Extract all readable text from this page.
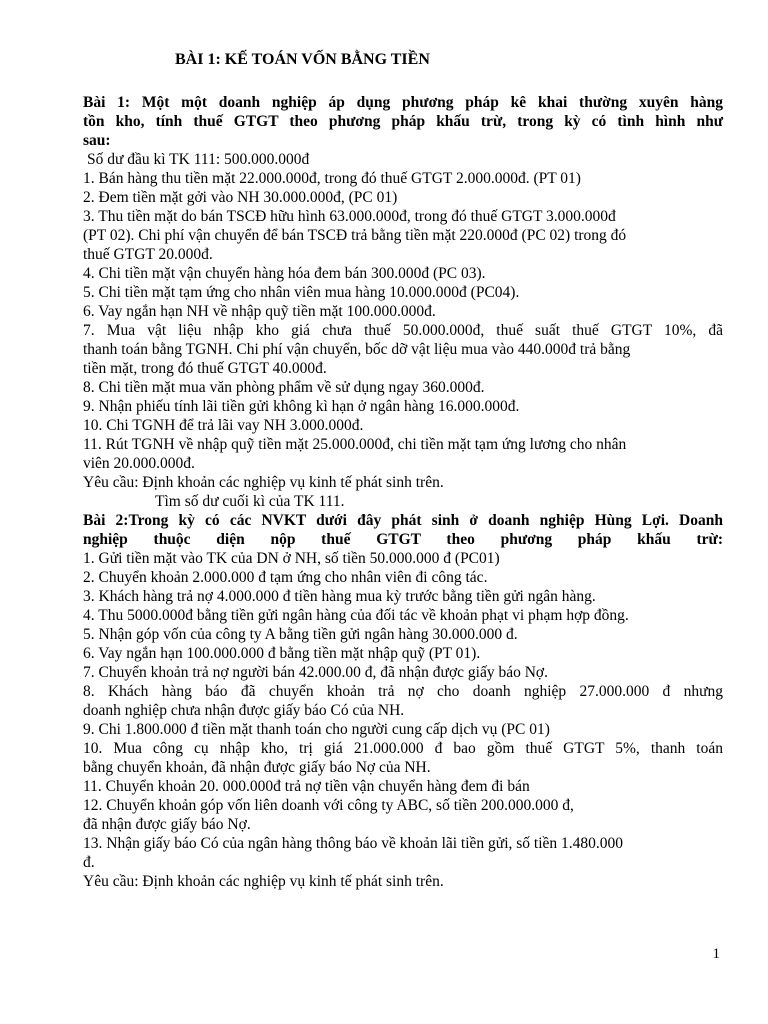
BÀI 1: KẾ TOÁN VỐN BẰNG TIỀN
Bài 1: Một một doanh nghiệp áp dụng phương pháp kê khai thường xuyên hàng
tồn kho, tính thuế GTGT theo phương pháp khấu trừ, trong kỳ có tình hình như
sau:
Số dư đầu kì TK 111: 500.000.000đ
1. Bán hàng thu tiền mặt 22.000.000đ, trong đó thuế GTGT 2.000.000đ. (PT 01)
2. Đem tiền mặt gởi vào NH 30.000.000đ, (PC 01)
3. Thu tiền mặt do bán TSCĐ hữu hình 63.000.000đ, trong đó thuế GTGT 3.000.000đ
(PT 02). Chi phí vận chuyển để bán TSCĐ trả bằng tiền mặt 220.000đ (PC 02) trong đó
thuế GTGT 20.000đ.
4. Chi tiền mặt vận chuyển hàng hóa đem bán 300.000đ (PC 03).
5. Chi tiền mặt tạm ứng cho nhân viên mua hàng 10.000.000đ (PC04).
6. Vay ngắn hạn NH về nhập quỹ tiền mặt 100.000.000đ.
7. Mua vật liệu nhập kho giá chưa thuế 50.000.000đ, thuế suất thuế GTGT 10%, đã
thanh toán bằng TGNH. Chi phí vận chuyển, bốc dỡ vật liệu mua vào 440.000đ trả bằng
tiền mặt, trong đó thuế GTGT 40.000đ.
8. Chi tiền mặt mua văn phòng phẩm về sử dụng ngay 360.000đ.
9. Nhận phiếu tính lãi tiền gửi không kì hạn ở ngân hàng 16.000.000đ.
10. Chi TGNH để trả lãi vay NH 3.000.000đ.
11. Rút TGNH về nhập quỹ tiền mặt 25.000.000đ, chi tiền mặt tạm ứng lương cho nhân
viên 20.000.000đ.
Yêu cầu: Định khoản các nghiệp vụ kinh tế phát sinh trên.
Tìm số dư cuối kì của TK 111.
Bài 2:Trong kỳ có các NVKT dưới đây phát sinh ở doanh nghiệp Hùng Lợi. Doanh
nghiệp thuộc diện nộp thuế GTGT theo phương pháp khấu trừ:
1. Gửi tiền mặt vào TK của DN ở NH, số tiền 50.000.000 đ (PC01)
2. Chuyển khoản 2.000.000 đ tạm ứng cho nhân viên đi công tác.
3. Khách hàng trả nợ 4.000.000 đ tiền hàng mua kỳ trước bằng tiền gửi ngân hàng.
4. Thu 5000.000đ bằng tiền gửi ngân hàng của đối tác về khoản phạt vi phạm hợp đồng.
5. Nhận góp vốn của công ty A bằng tiền gửi ngân hàng 30.000.000 đ.
6. Vay ngắn hạn 100.000.000 đ bằng tiền mặt nhập quỹ (PT 01).
7. Chuyển khoản trả nợ người bán 42.000.00 đ, đã nhận được giấy báo Nợ.
8. Khách hàng báo đã chuyển khoản trả nợ cho doanh nghiệp 27.000.000 đ nhưng
doanh nghiệp chưa nhận được giấy báo Có của NH.
9. Chi 1.800.000 đ tiền mặt thanh toán cho người cung cấp dịch vụ (PC 01)
10. Mua công cụ nhập kho, trị giá 21.000.000 đ bao gồm thuế GTGT 5%, thanh toán
bằng chuyển khoản, đã nhận được giấy báo Nợ của NH.
11. Chuyển khoản 20. 000.000đ trả nợ tiền vận chuyển hàng đem đi bán
12. Chuyển khoản góp vốn liên doanh với công ty ABC, số tiền 200.000.000 đ,
đã nhận được giấy báo Nợ.
13. Nhận giấy báo Có của ngân hàng thông báo về khoản lãi tiền gửi, số tiền 1.480.000
đ.
Yêu cầu: Định khoản các nghiệp vụ kinh tế phát sinh trên.
1
